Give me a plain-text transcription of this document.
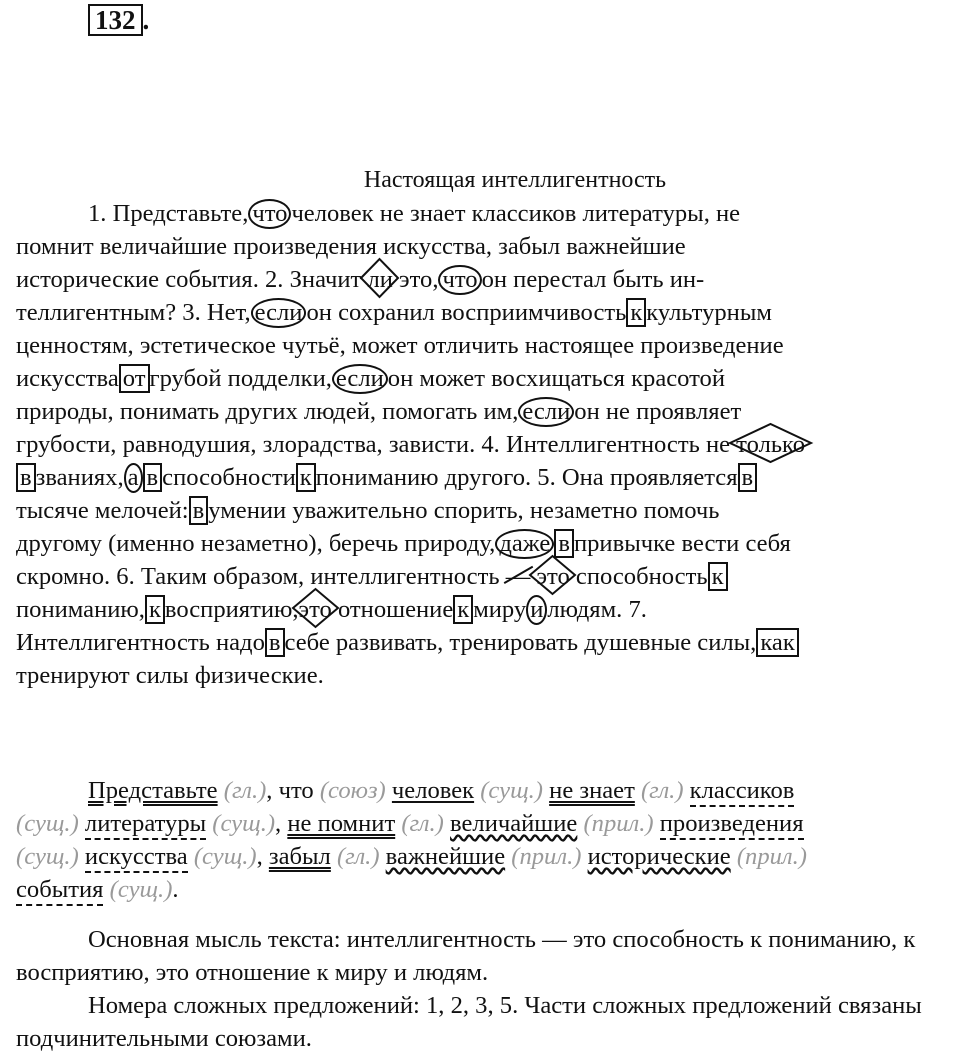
132 .
Настоящая интеллигентность
1. Представьте, что человек не знает классиков литературы, не
помнит величайшие произведения искусства, забыл важнейшие
исторические события. 2. Значит ли
это, что он перестал быть ин-
теллигентным? 3. Нет, если он сохранил восприимчивость к культурным
ценностям, эстетическое чутьё, может отличить настоящее произведение
искусства от грубой подделки, если он может восхищаться красотой
природы, понимать других людей, помогать им, если он не проявляет
грубости, равнодушия, злорадства, зависти. 4. Интеллигентность не только
в званиях, а в способности к пониманию другого. 5. Она проявляется в
тысяче мелочей: в умении уважительно спорить, незаметно помочь
другому (именно незаметно), беречь природу, даже в привычке вести себя
скромно. 6. Таким образом, интеллигентность — это
способность к
пониманию, к восприятию,это
отношение к миру и людям. 7.
Интеллигентность надо в себе развивать, тренировать душевные силы, как
тренируют силы физические.
Представьте (гл.), что (союз) человек (сущ.) не знает (гл.) классиков
(сущ.) литературы (сущ.), не помнит (гл.) величайшие (прил.) произведения
(сущ.) искусства (сущ.), забыл (гл.) важнейшие (прил.) исторические (прил.)
события (сущ.).
Основная мысль текста: интеллигентность — это способность к пониманию, к восприятию, это отношение к миру и людям.
Номера сложных предложений: 1, 2, 3, 5. Части сложных предложений связаны подчинительными союзами.
